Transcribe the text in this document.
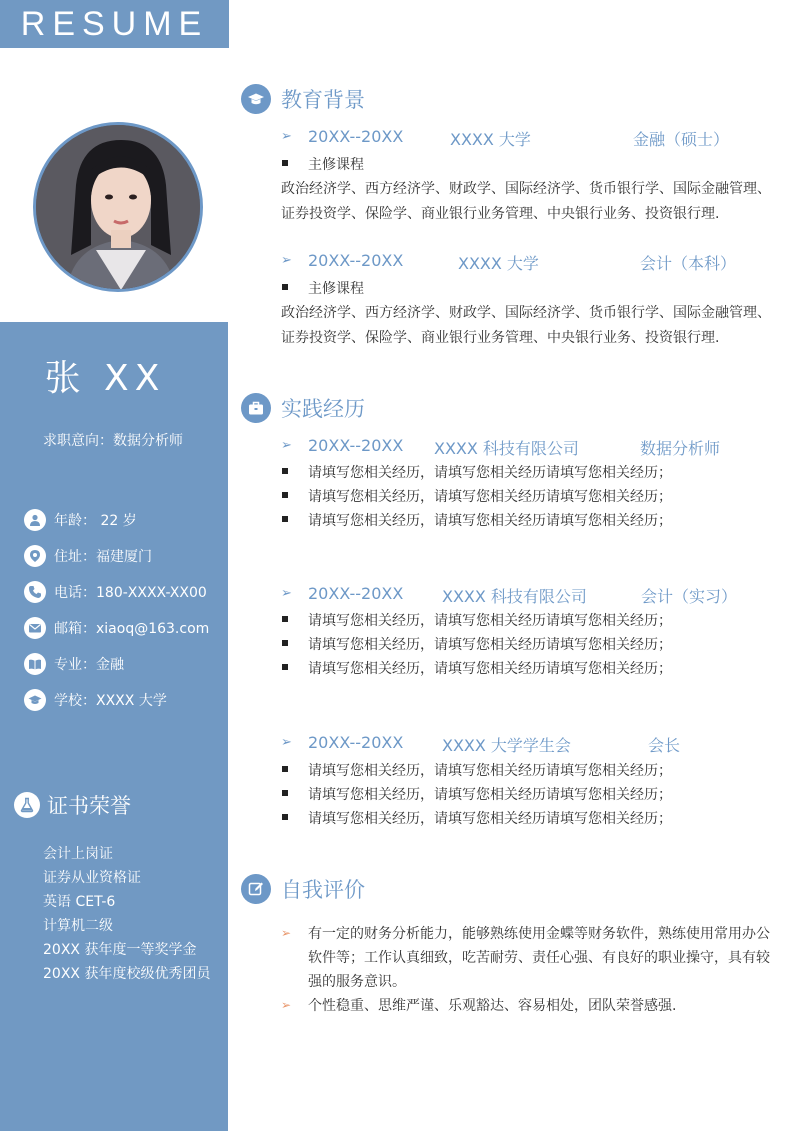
RESUME
张 XX
求职意向：数据分析师
年龄： 22 岁
住址：福建厦门
电话：180-XXXX-XX00
邮箱：xiaoq@163.com
专业：金融
学校：XXXX 大学
证书荣誉
会计上岗证
证券从业资格证
英语 CET-6
计算机二级
20XX 获年度一等奖学金
20XX 获年度校级优秀团员
教育背景
➢ 20XX--20XX	XXXX 大学	金融（硕士）
主修课程
政治经济学、西方经济学、财政学、国际经济学、货币银行学、国际金融管理、
证券投资学、保险学、商业银行业务管理、中央银行业务、投资银行理.
➢ 20XX--20XX	XXXX 大学	会计（本科）
主修课程
政治经济学、西方经济学、财政学、国际经济学、货币银行学、国际金融管理、
证券投资学、保险学、商业银行业务管理、中央银行业务、投资银行理.
实践经历
➢ 20XX--20XX XXXX 科技有限公司	数据分析师
请填写您相关经历，请填写您相关经历请填写您相关经历；
请填写您相关经历，请填写您相关经历请填写您相关经历；
请填写您相关经历，请填写您相关经历请填写您相关经历；
➢ 20XX--20XX XXXX 科技有限公司	会计（实习）
请填写您相关经历，请填写您相关经历请填写您相关经历；
请填写您相关经历，请填写您相关经历请填写您相关经历；
请填写您相关经历，请填写您相关经历请填写您相关经历；
➢ 20XX--20XX XXXX 大学学生会	会长
请填写您相关经历，请填写您相关经历请填写您相关经历；
请填写您相关经历，请填写您相关经历请填写您相关经历；
请填写您相关经历，请填写您相关经历请填写您相关经历；
自我评价
➢ 有一定的财务分析能力，能够熟练使用金蝶等财务软件，熟练使用常用办公
软件等；工作认真细致，吃苦耐劳、责任心强、有良好的职业操守，具有较
强的服务意识。
➢ 个性稳重、思维严谨、乐观豁达、容易相处，团队荣誉感强.
